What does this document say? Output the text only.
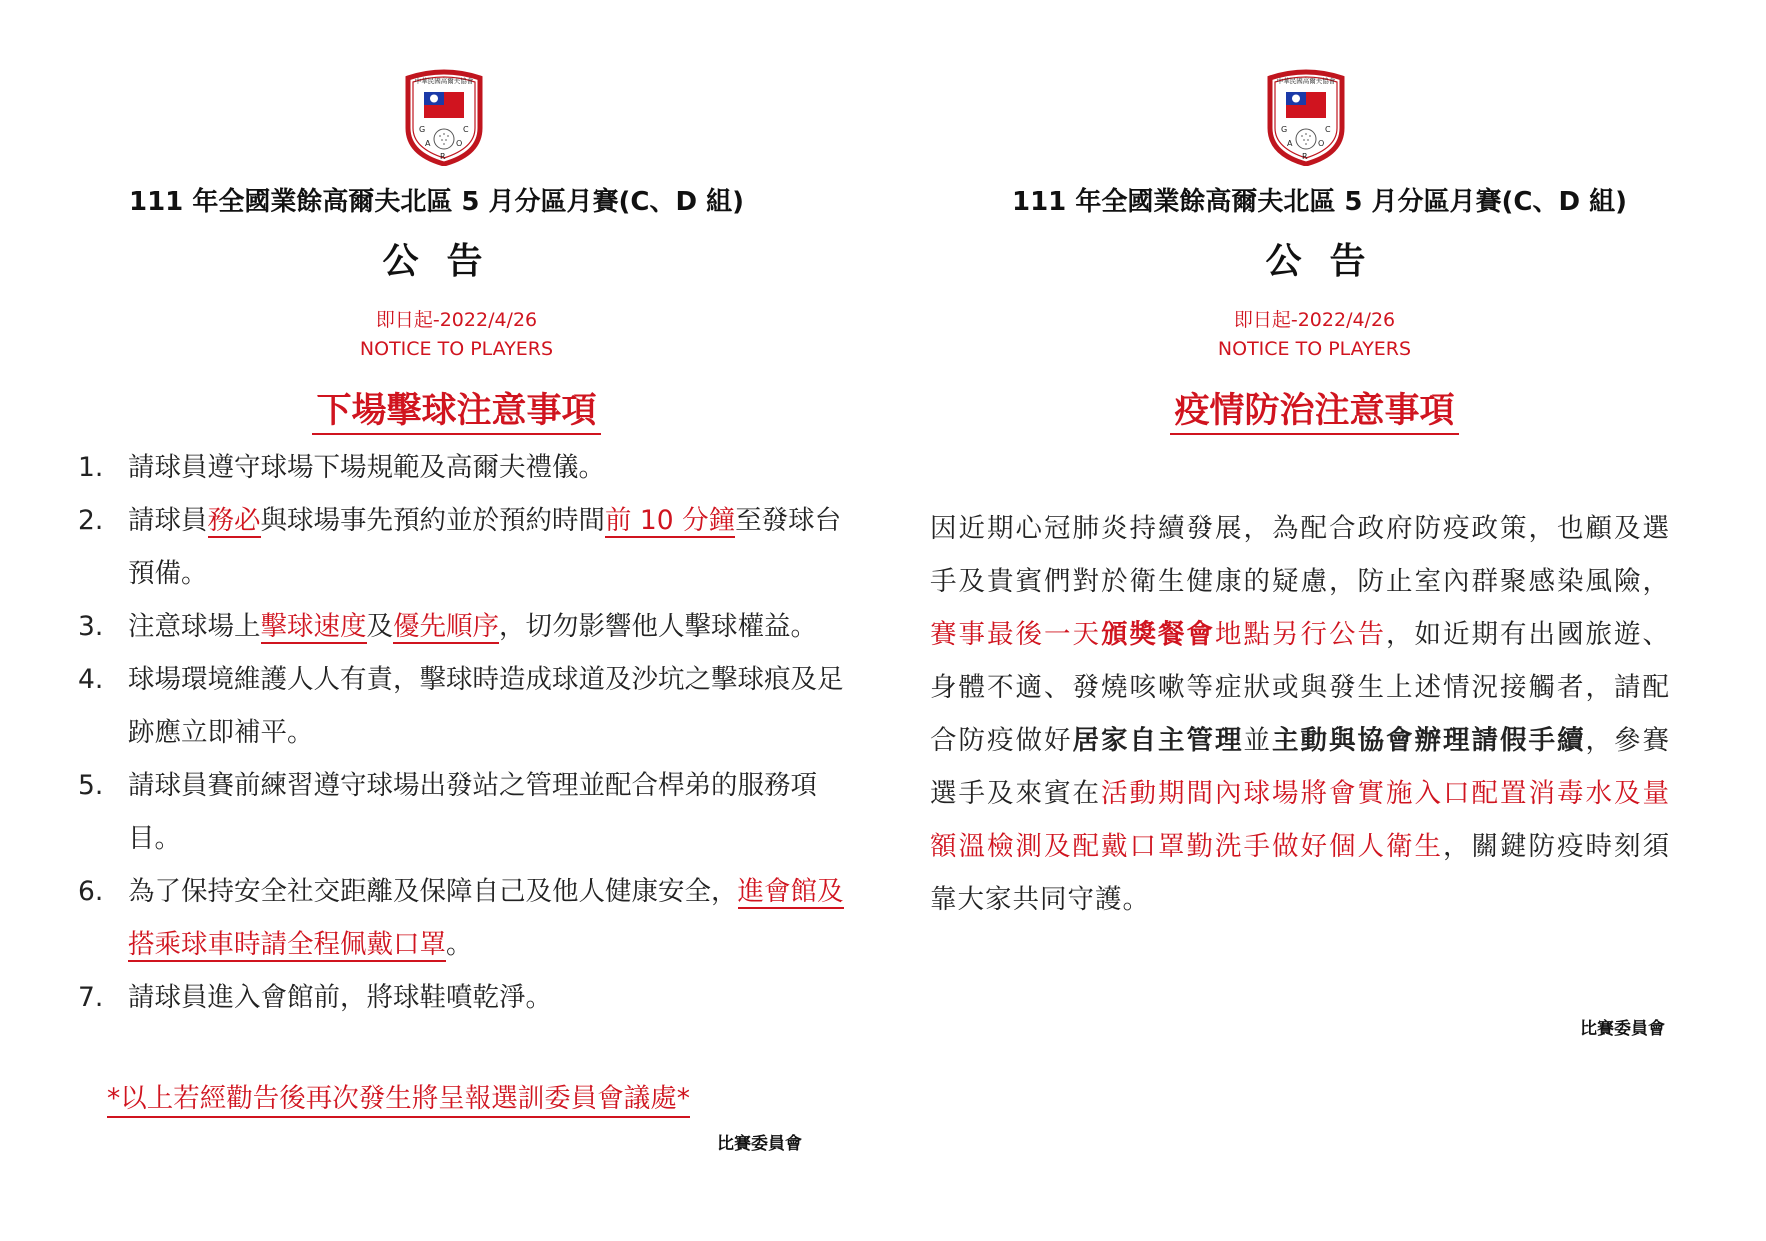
中華民國高爾夫協會
G
A
R
O
C
111 年全國業餘高爾夫北區 5 月分區月賽(C、D 組)
公告
即日起-2022/4/26
NOTICE TO PLAYERS
下場擊球注意事項
1. 請球員遵守球場下場規範及高爾夫禮儀。
2. 請球員務必與球場事先預約並於預約時間前 10 分鐘至發球台預備。
3. 注意球場上擊球速度及優先順序，切勿影響他人擊球權益。
4. 球場環境維護人人有責，擊球時造成球道及沙坑之擊球痕及足跡應立即補平。
5. 請球員賽前練習遵守球場出發站之管理並配合桿弟的服務項目。
6. 為了保持安全社交距離及保障自己及他人健康安全，進會館及搭乘球車時請全程佩戴口罩。
7. 請球員進入會館前，將球鞋噴乾淨。
*以上若經勸告後再次發生將呈報選訓委員會議處*
比賽委員會
中華民國高爾夫協會
G
A
R
O
C
111 年全國業餘高爾夫北區 5 月分區月賽(C、D 組)
公告
即日起-2022/4/26
NOTICE TO PLAYERS
疫情防治注意事項
因近期心冠肺炎持續發展，為配合政府防疫政策，也顧及選手及貴賓們對於衛生健康的疑慮，防止室內群聚感染風險，賽事最後一天頒獎餐會地點另行公告，如近期有出國旅遊、身體不適、發燒咳嗽等症狀或與發生上述情況接觸者，請配合防疫做好居家自主管理並主動與協會辦理請假手續，參賽選手及來賓在活動期間內球場將會實施入口配置消毒水及量額溫檢測及配戴口罩勤洗手做好個人衛生，關鍵防疫時刻須靠大家共同守護。
比賽委員會
